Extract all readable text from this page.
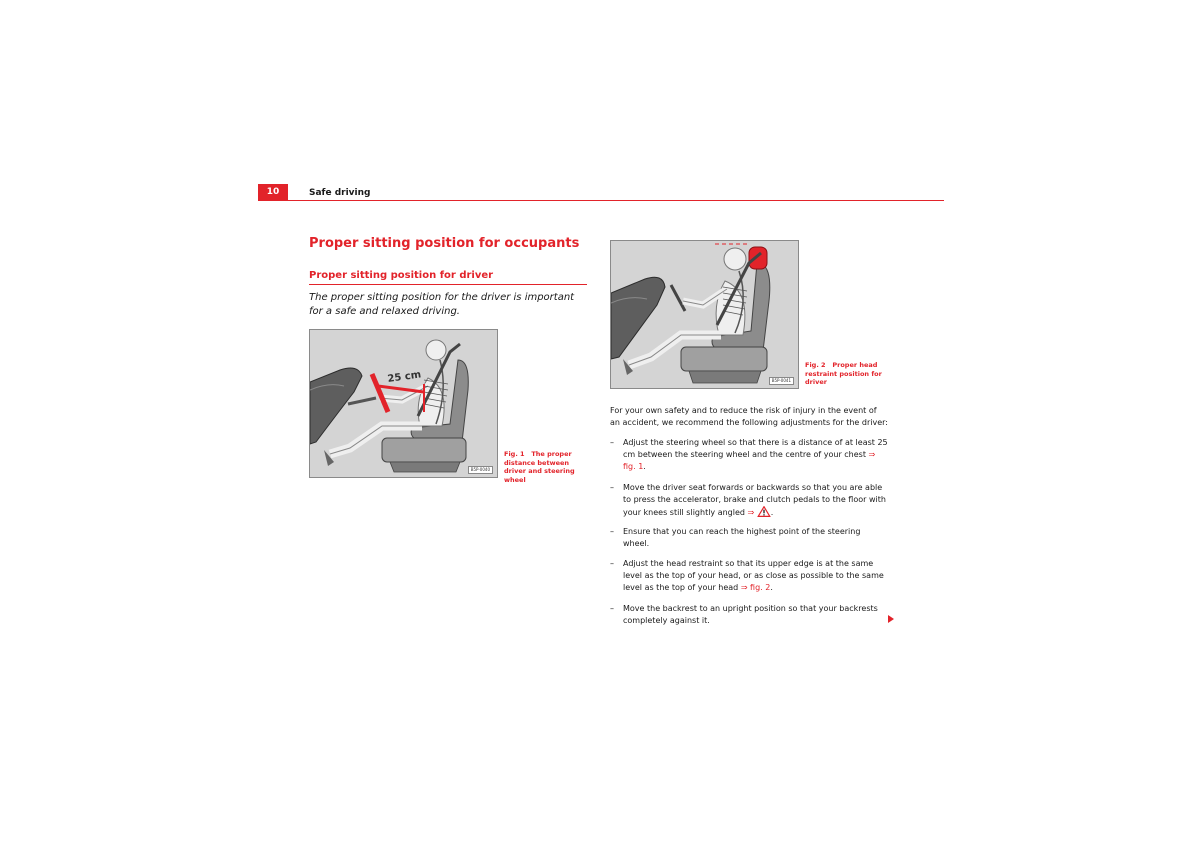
10	Safe driving
Proper sitting position for occupants
Proper sitting position for driver
The proper sitting position for the driver is important for a safe and relaxed driving.
25 cm
B5P-0040
Fig. 1 The proper distance between driver and steering wheel
B5P-0041
Fig. 2 Proper head restraint position for driver
For your own safety and to reduce the risk of injury in the event of an accident, we recommend the following adjustments for the driver:
– Adjust the steering wheel so that there is a distance of at least 25 cm between the steering wheel and the centre of your chest ⇒ fig. 1.
– Move the driver seat forwards or backwards so that you are able to press the accelerator, brake and clutch pedals to the floor with your knees still slightly angled ⇒ .
– Ensure that you can reach the highest point of the steering wheel.
– Adjust the head restraint so that its upper edge is at the same level as the top of your head, or as close as possible to the same level as the top of your head ⇒ fig. 2.
– Move the backrest to an upright position so that your backrests completely against it.
